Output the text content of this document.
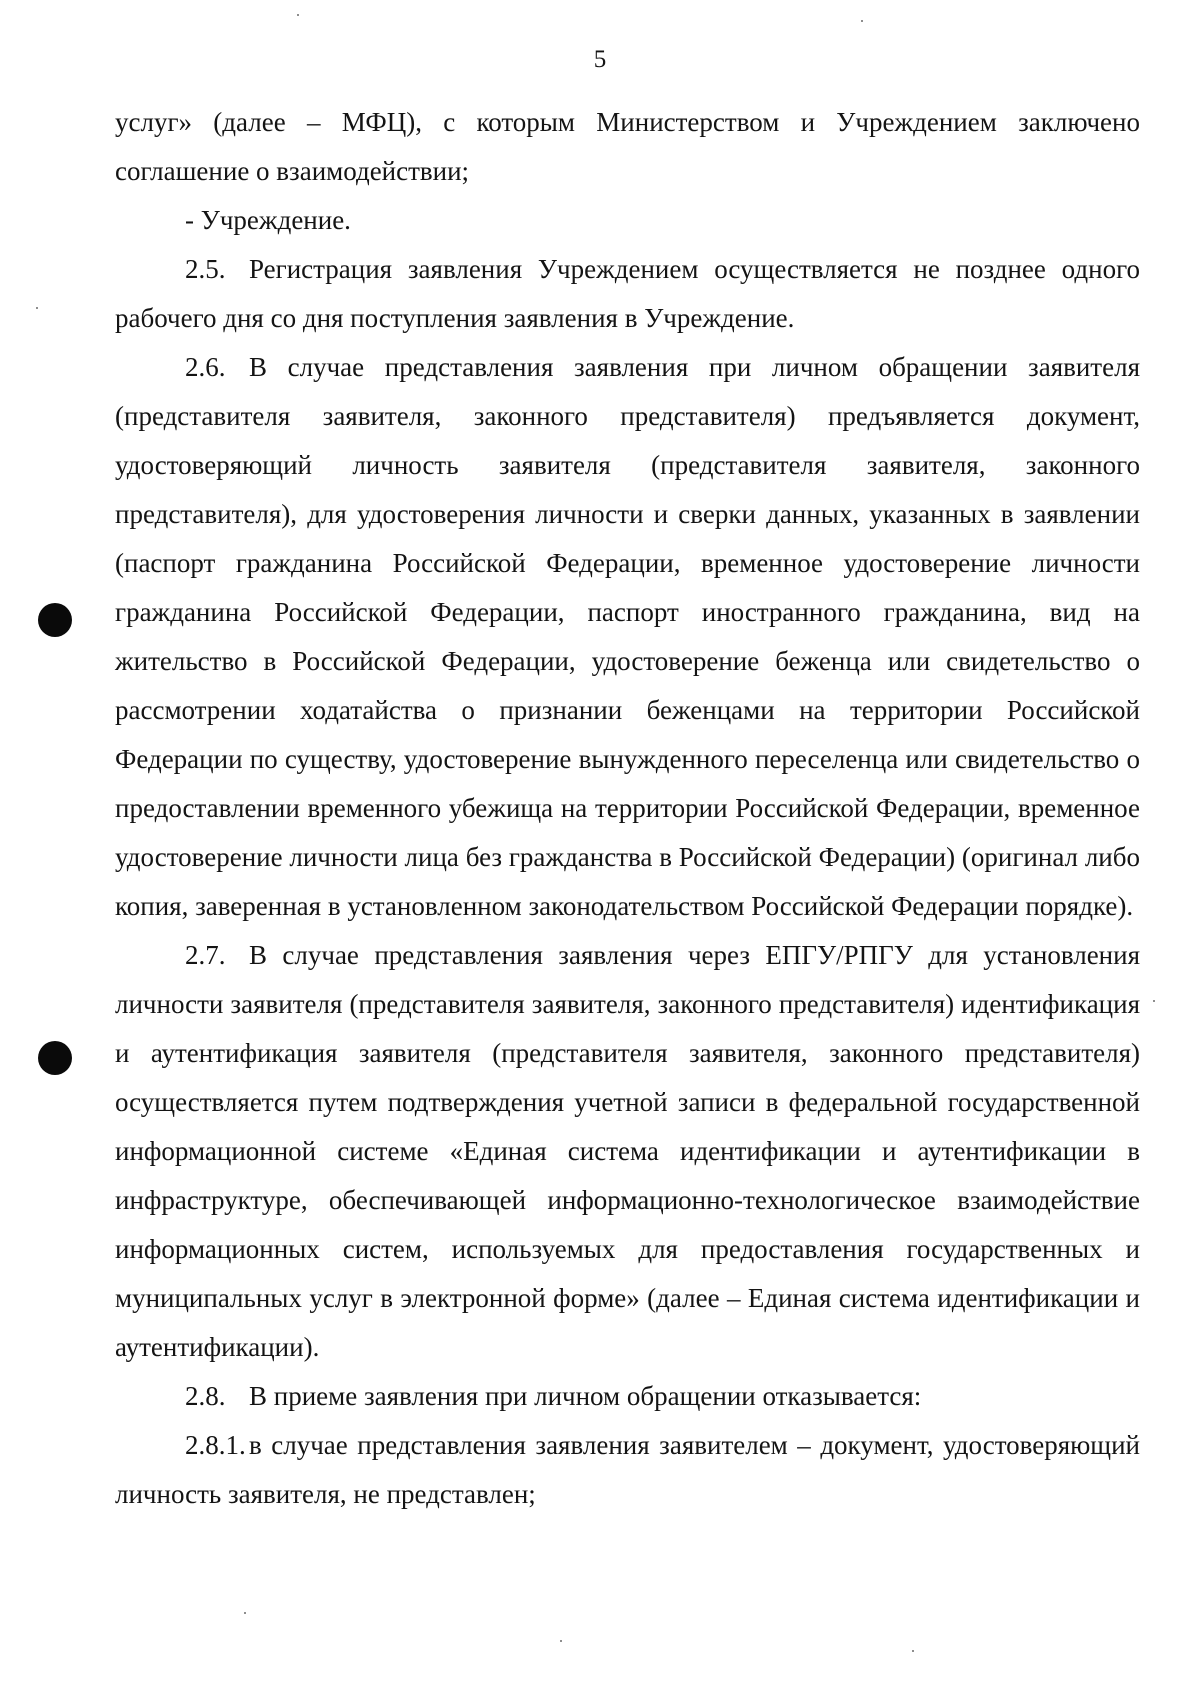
5

услуг» (далее – МФЦ), с которым Министерством и Учреждением заключено соглашение о взаимодействии;

- Учреждение.

2.5. Регистрация заявления Учреждением осуществляется не позднее одного рабочего дня со дня поступления заявления в Учреждение.

2.6. В случае представления заявления при личном обращении заявителя (представителя заявителя, законного представителя) предъявляется документ, удостоверяющий личность заявителя (представителя заявителя, законного представителя), для удостоверения личности и сверки данных, указанных в заявлении (паспорт гражданина Российской Федерации, временное удостоверение личности гражданина Российской Федерации, паспорт иностранного гражданина, вид на жительство в Российской Федерации, удостоверение беженца или свидетельство о рассмотрении ходатайства о признании беженцами на территории Российской Федерации по существу, удостоверение вынужденного переселенца или свидетельство о предоставлении временного убежища на территории Российской Федерации, временное удостоверение личности лица без гражданства в Российской Федерации) (оригинал либо копия, заверенная в установленном законодательством Российской Федерации порядке).

2.7. В случае представления заявления через ЕПГУ/РПГУ для установления личности заявителя (представителя заявителя, законного представителя) идентификация и аутентификация заявителя (представителя заявителя, законного представителя) осуществляется путем подтверждения учетной записи в федеральной государственной информационной системе «Единая система идентификации и аутентификации в инфраструктуре, обеспечивающей информационно-технологическое взаимодействие информационных систем, используемых для предоставления государственных и муниципальных услуг в электронной форме» (далее – Единая система идентификации и аутентификации).

2.8. В приеме заявления при личном обращении отказывается:

2.8.1. в случае представления заявления заявителем – документ, удостоверяющий личность заявителя, не представлен;
